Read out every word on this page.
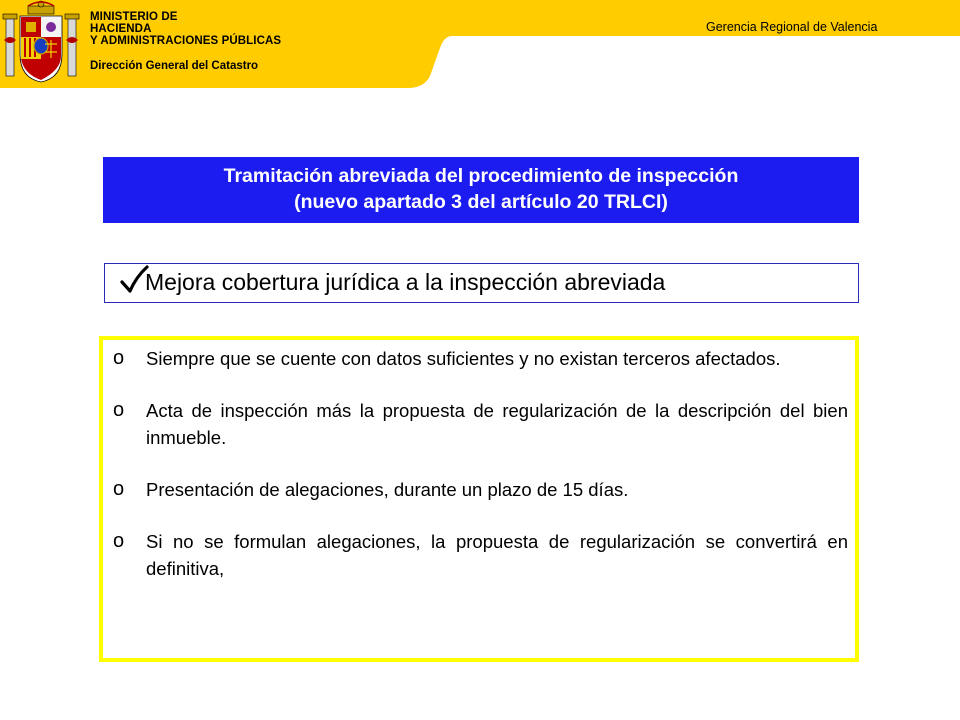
MINISTERIO DE
HACIENDA
Y ADMINISTRACIONES PÚBLICAS
Dirección General del Catastro
Gerencia Regional de Valencia
Tramitación abreviada del procedimiento de inspección
(nuevo apartado 3 del artículo 20 TRLCI)
Mejora cobertura jurídica a la inspección abreviada
o Siempre que se cuente con datos suficientes y no existan terceros afectados.
o Acta de inspección más la propuesta de regularización de la descripción del bien inmueble.
o Presentación de alegaciones, durante un plazo de 15 días.
o Si no se formulan alegaciones, la propuesta de regularización se convertirá en definitiva,
